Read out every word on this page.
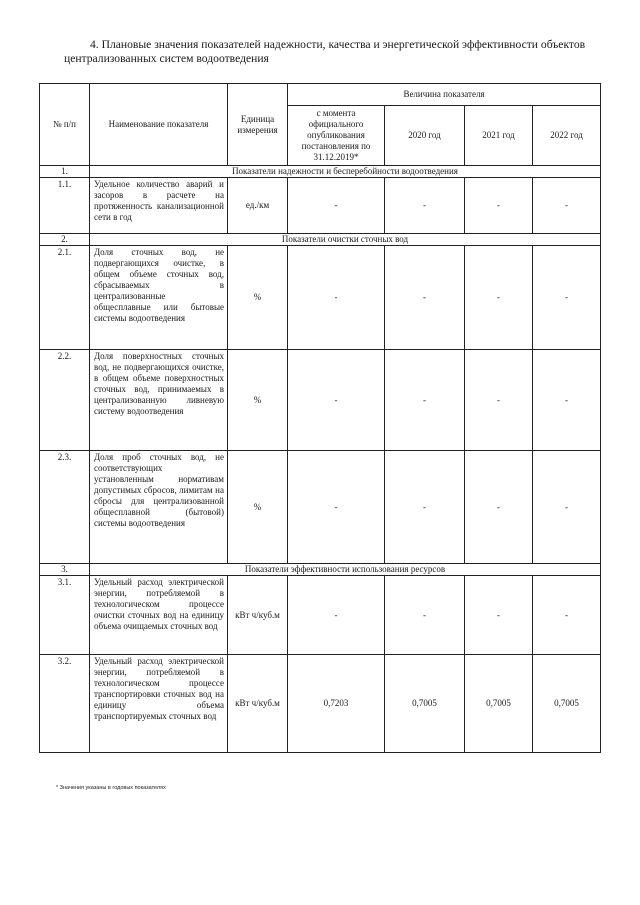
4. Плановые значения показателей надежности, качества и энергетической эффективности объектов централизованных систем водоотведения
№ п/п	Наименование показателя	Единица измерения	Величина показателя			
			с момента официального опубликования постановления по 31.12.2019*	2020 год	2021 год	2022 год
1.	Показатели надежности и бесперебойности водоотведения					
1.1.	Удельное количество аварий и засоров в расчете на протяженность канализационной сети в год	ед./км	-	-	-	-
2.	Показатели очистки сточных вод					
2.1.	Доля сточных вод, не подвергающихся очистке, в общем объеме сточных вод, сбрасываемых в централизованные общесплавные или бытовые системы водоотведения	%	-	-	-	-
2.2.	Доля поверхностных сточных вод, не подвергающихся очистке, в общем объеме поверхностных сточных вод, принимаемых в централизованную ливневую систему водоотведения	%	-	-	-	-
2.3.	Доля проб сточных вод, не соответствующих установленным нормативам допустимых сбросов, лимитам на сбросы для централизованной общесплавной (бытовой) системы водоотведения	%	-	-	-	-
3.	Показатели эффективности использования ресурсов					
3.1.	Удельный расход электрической энергии, потребляемой в технологическом процессе очистки сточных вод на единицу объема очищаемых сточных вод	кВт ч/куб.м	-	-	-	-
3.2.	Удельный расход электрической энергии, потребляемой в технологическом процессе транспортировки сточных вод на единицу объема транспортируемых сточных вод	кВт ч/куб.м	0,7203	0,7005	0,7005	0,7005
* Значения указаны в годовых показателях
